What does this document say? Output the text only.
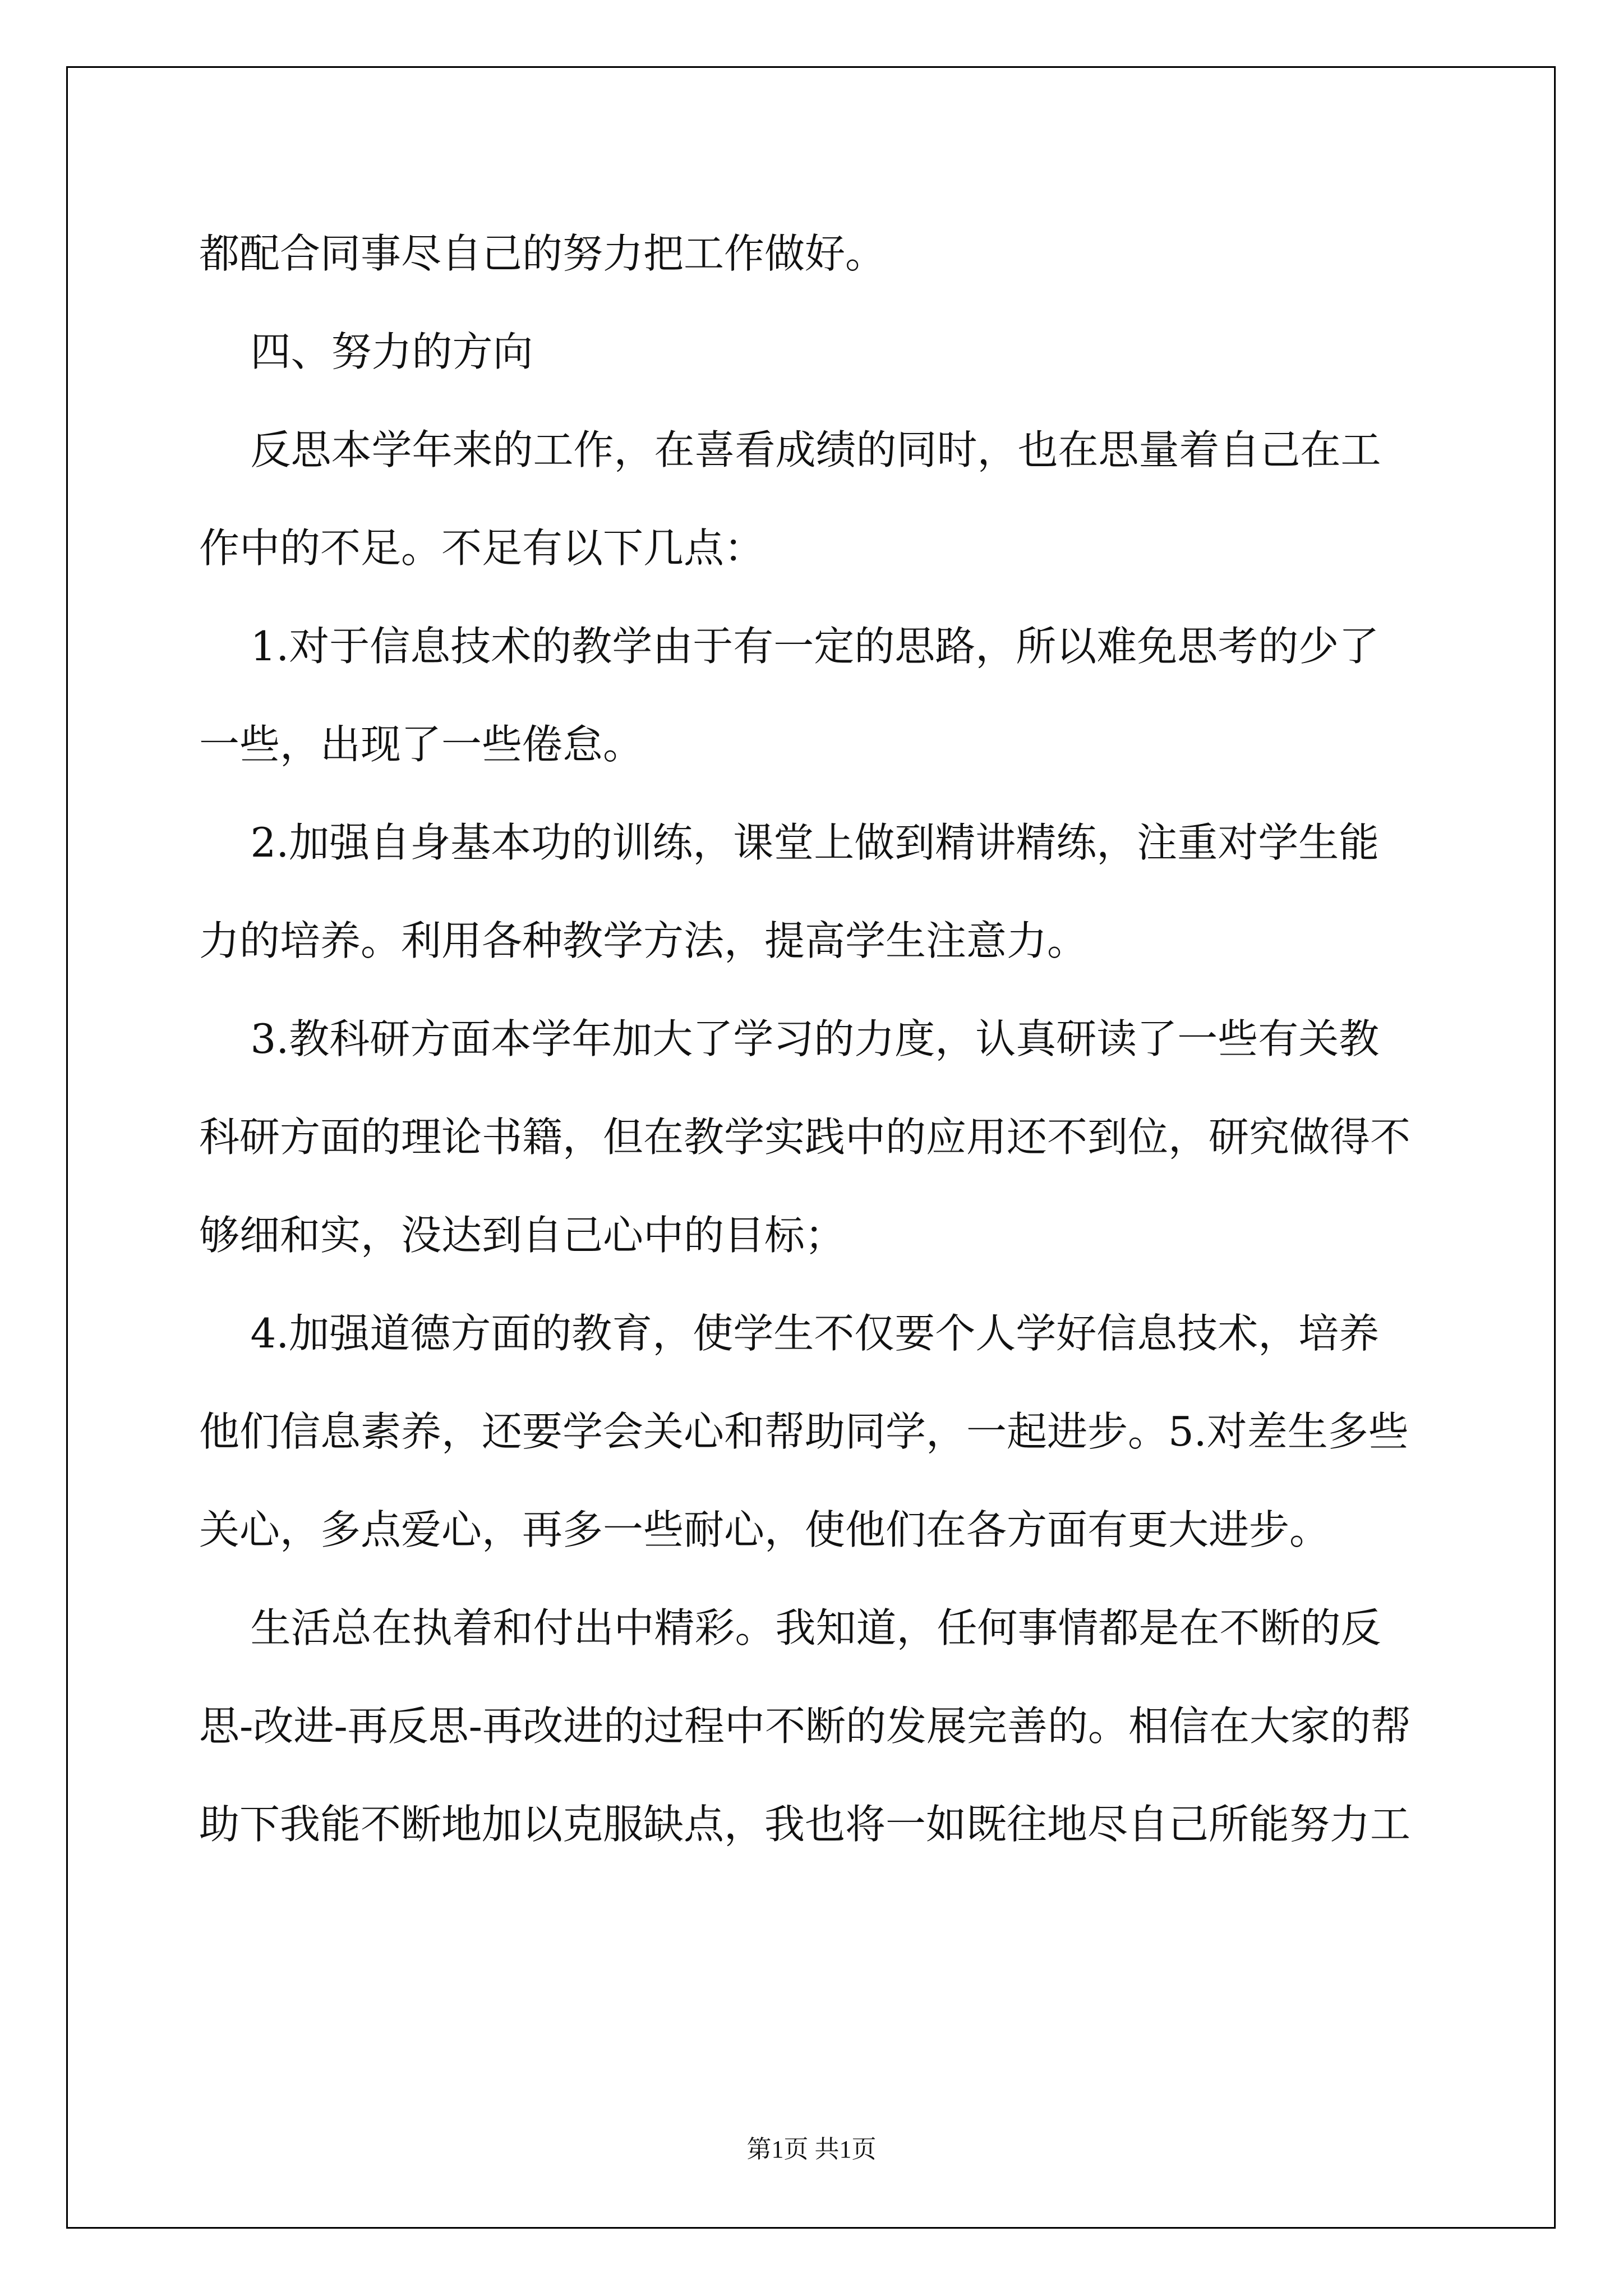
都配合同事尽自己的努力把工作做好。

四、努力的方向

反思本学年来的工作，在喜看成绩的同时，也在思量着自己在工

作中的不足。不足有以下几点：

1.对于信息技术的教学由于有一定的思路，所以难免思考的少了

一些，出现了一些倦怠。

2.加强自身基本功的训练，课堂上做到精讲精练，注重对学生能

力的培养。利用各种教学方法，提高学生注意力。

3.教科研方面本学年加大了学习的力度，认真研读了一些有关教

科研方面的理论书籍，但在教学实践中的应用还不到位，研究做得不

够细和实，没达到自己心中的目标；

4.加强道德方面的教育，使学生不仅要个人学好信息技术，培养

他们信息素养，还要学会关心和帮助同学，一起进步。5.对差生多些

关心，多点爱心，再多一些耐心，使他们在各方面有更大进步。

生活总在执着和付出中精彩。我知道，任何事情都是在不断的反

思-改进-再反思-再改进的过程中不断的发展完善的。相信在大家的帮

助下我能不断地加以克服缺点，我也将一如既往地尽自己所能努力工

第1页 共1页
